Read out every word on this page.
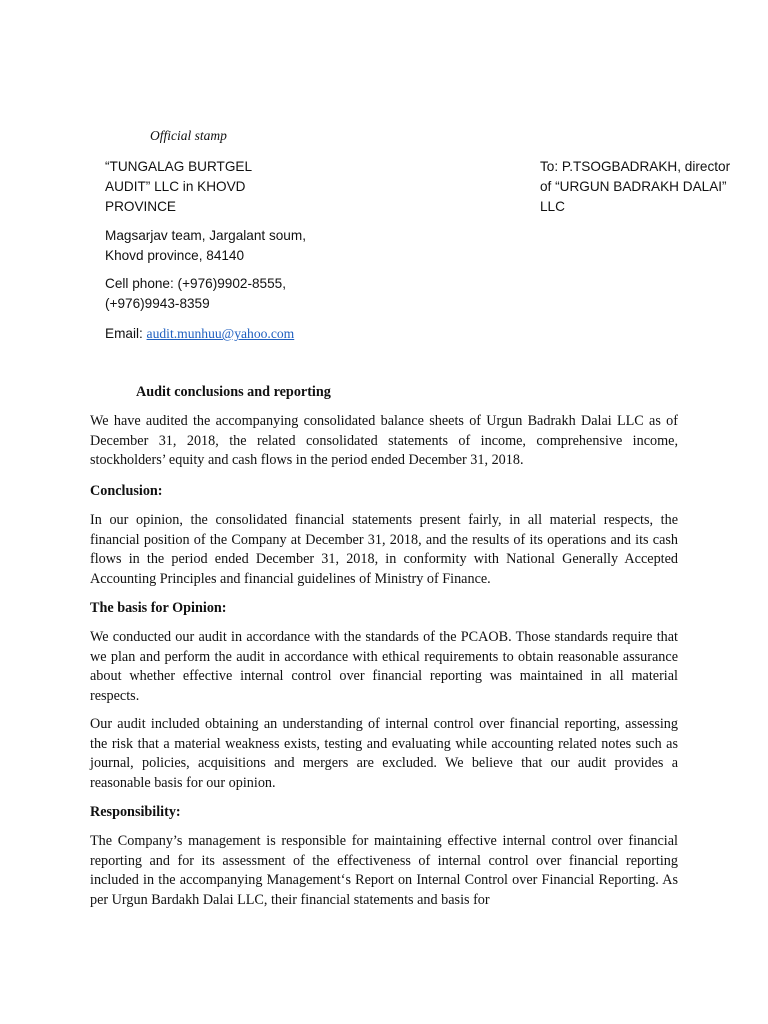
Official stamp
“TUNGALAG BURTGEL
AUDIT” LLC in KHOVD
PROVINCE
To: P.TSOGBADRAKH, director
of “URGUN BADRAKH DALAI”
LLC
Magsarjav team, Jargalant soum,
Khovd province, 84140
Cell phone: (+976)9902-8555,
(+976)9943-8359
Email: audit.munhuu@yahoo.com
Audit conclusions and reporting

We have audited the accompanying consolidated balance sheets of Urgun Badrakh Dalai LLC as of December 31, 2018, the related consolidated statements of income, comprehensive income, stockholders’ equity and cash flows in the period ended December 31, 2018.

Conclusion:

In our opinion, the consolidated financial statements present fairly, in all material respects, the financial position of the Company at December 31, 2018, and the results of its operations and its cash flows in the period ended December 31, 2018, in conformity with National Generally Accepted Accounting Principles and financial guidelines of Ministry of Finance.

The basis for Opinion:

We conducted our audit in accordance with the standards of the PCAOB. Those standards require that we plan and perform the audit in accordance with ethical requirements to obtain reasonable assurance about whether effective internal control over financial reporting was maintained in all material respects.

Our audit included obtaining an understanding of internal control over financial reporting, assessing the risk that a material weakness exists, testing and evaluating while accounting related notes such as journal, policies, acquisitions and mergers are excluded. We believe that our audit provides a reasonable basis for our opinion.

Responsibility:

The Company’s management is responsible for maintaining effective internal control over financial reporting and for its assessment of the effectiveness of internal control over financial reporting included in the accompanying Management‘s Report on Internal Control over Financial Reporting. As per Urgun Bardakh Dalai LLC, their financial statements and basis for
